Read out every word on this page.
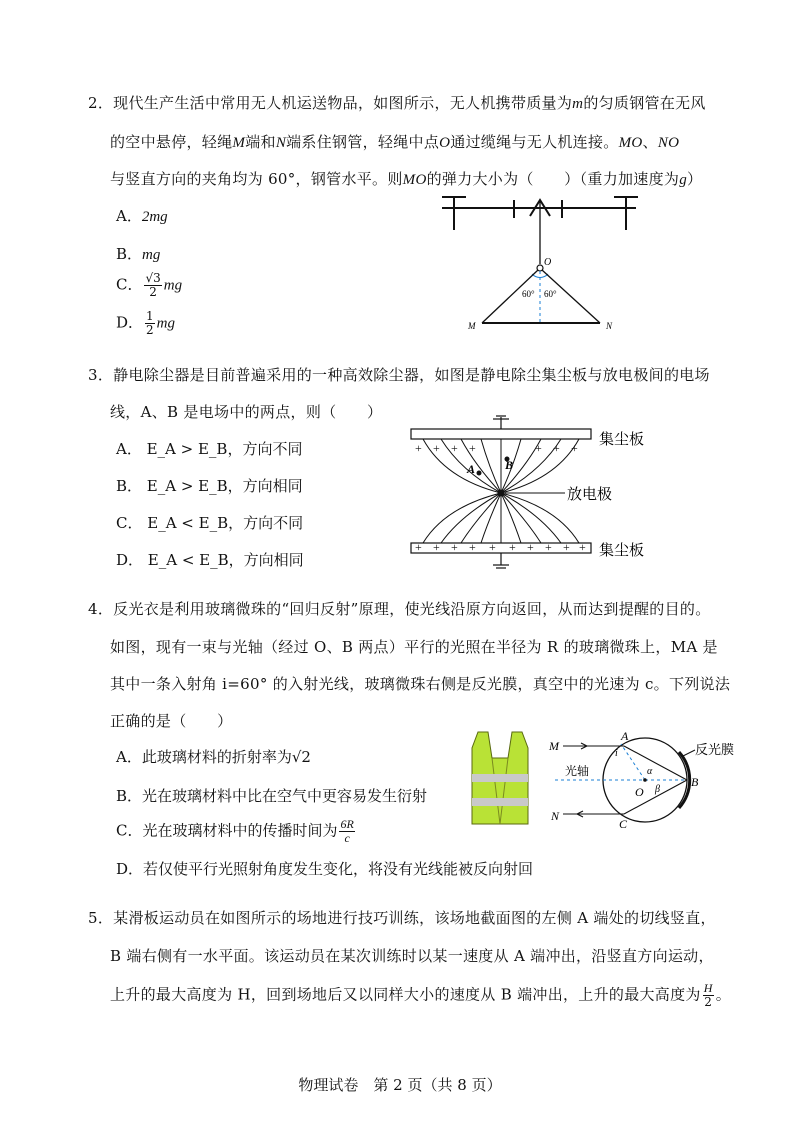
2．现代生产生活中常用无人机运送物品，如图所示，无人机携带质量为m的匀质钢管在无风
的空中悬停，轻绳M端和N端系住钢管，轻绳中点O通过缆绳与无人机连接。MO、NO
与竖直方向的夹角均为 60°，钢管水平。则MO的弹力大小为（　　）（重力加速度为g）
A．2mg
B．mg
C． $\frac{√3}{2}$ mg
D． $\frac{1}{2}$ mg
O
60° 60°
M	N
3．静电除尘器是目前普遍采用的一种高效除尘器，如图是静电除尘集尘板与放电极间的电场
线，A、B 是电场中的两点，则（　　）
A． E_A > E_B，方向不同
B． E_A > E_B，方向相同
C． E_A < E_B，方向不同
D． E_A < E_B，方向相同
+ + + +	+ + +
+ + + + + + + + + +
A B
集尘板
放电极
集尘板
4．反光衣是利用玻璃微珠的“回归反射”原理，使光线沿原方向返回，从而达到提醒的目的。
如图，现有一束与光轴（经过 O、B 两点）平行的光照在半径为 R 的玻璃微珠上，MA 是
其中一条入射角 i=60° 的入射光线，玻璃微珠右侧是反光膜，真空中的光速为 c。下列说法
正确的是（　　）
A．此玻璃材料的折射率为√2
B．光在玻璃材料中比在空气中更容易发生衍射
C．光在玻璃材料中的传播时间为 $\frac{6R}{c}$
D．若仅使平行光照射角度发生变化，将没有光线能被反向射回
M
N
A
B
C
O
i
α
β
反光膜
光轴
5．某滑板运动员在如图所示的场地进行技巧训练，该场地截面图的左侧 A 端处的切线竖直，
B 端右侧有一水平面。该运动员在某次训练时以某一速度从 A 端冲出，沿竖直方向运动，
上升的最大高度为 H，回到场地后又以同样大小的速度从 B 端冲出，上升的最大高度为 $\frac{H}{2}$ 。
物理试卷　第 2 页（共 8 页）
